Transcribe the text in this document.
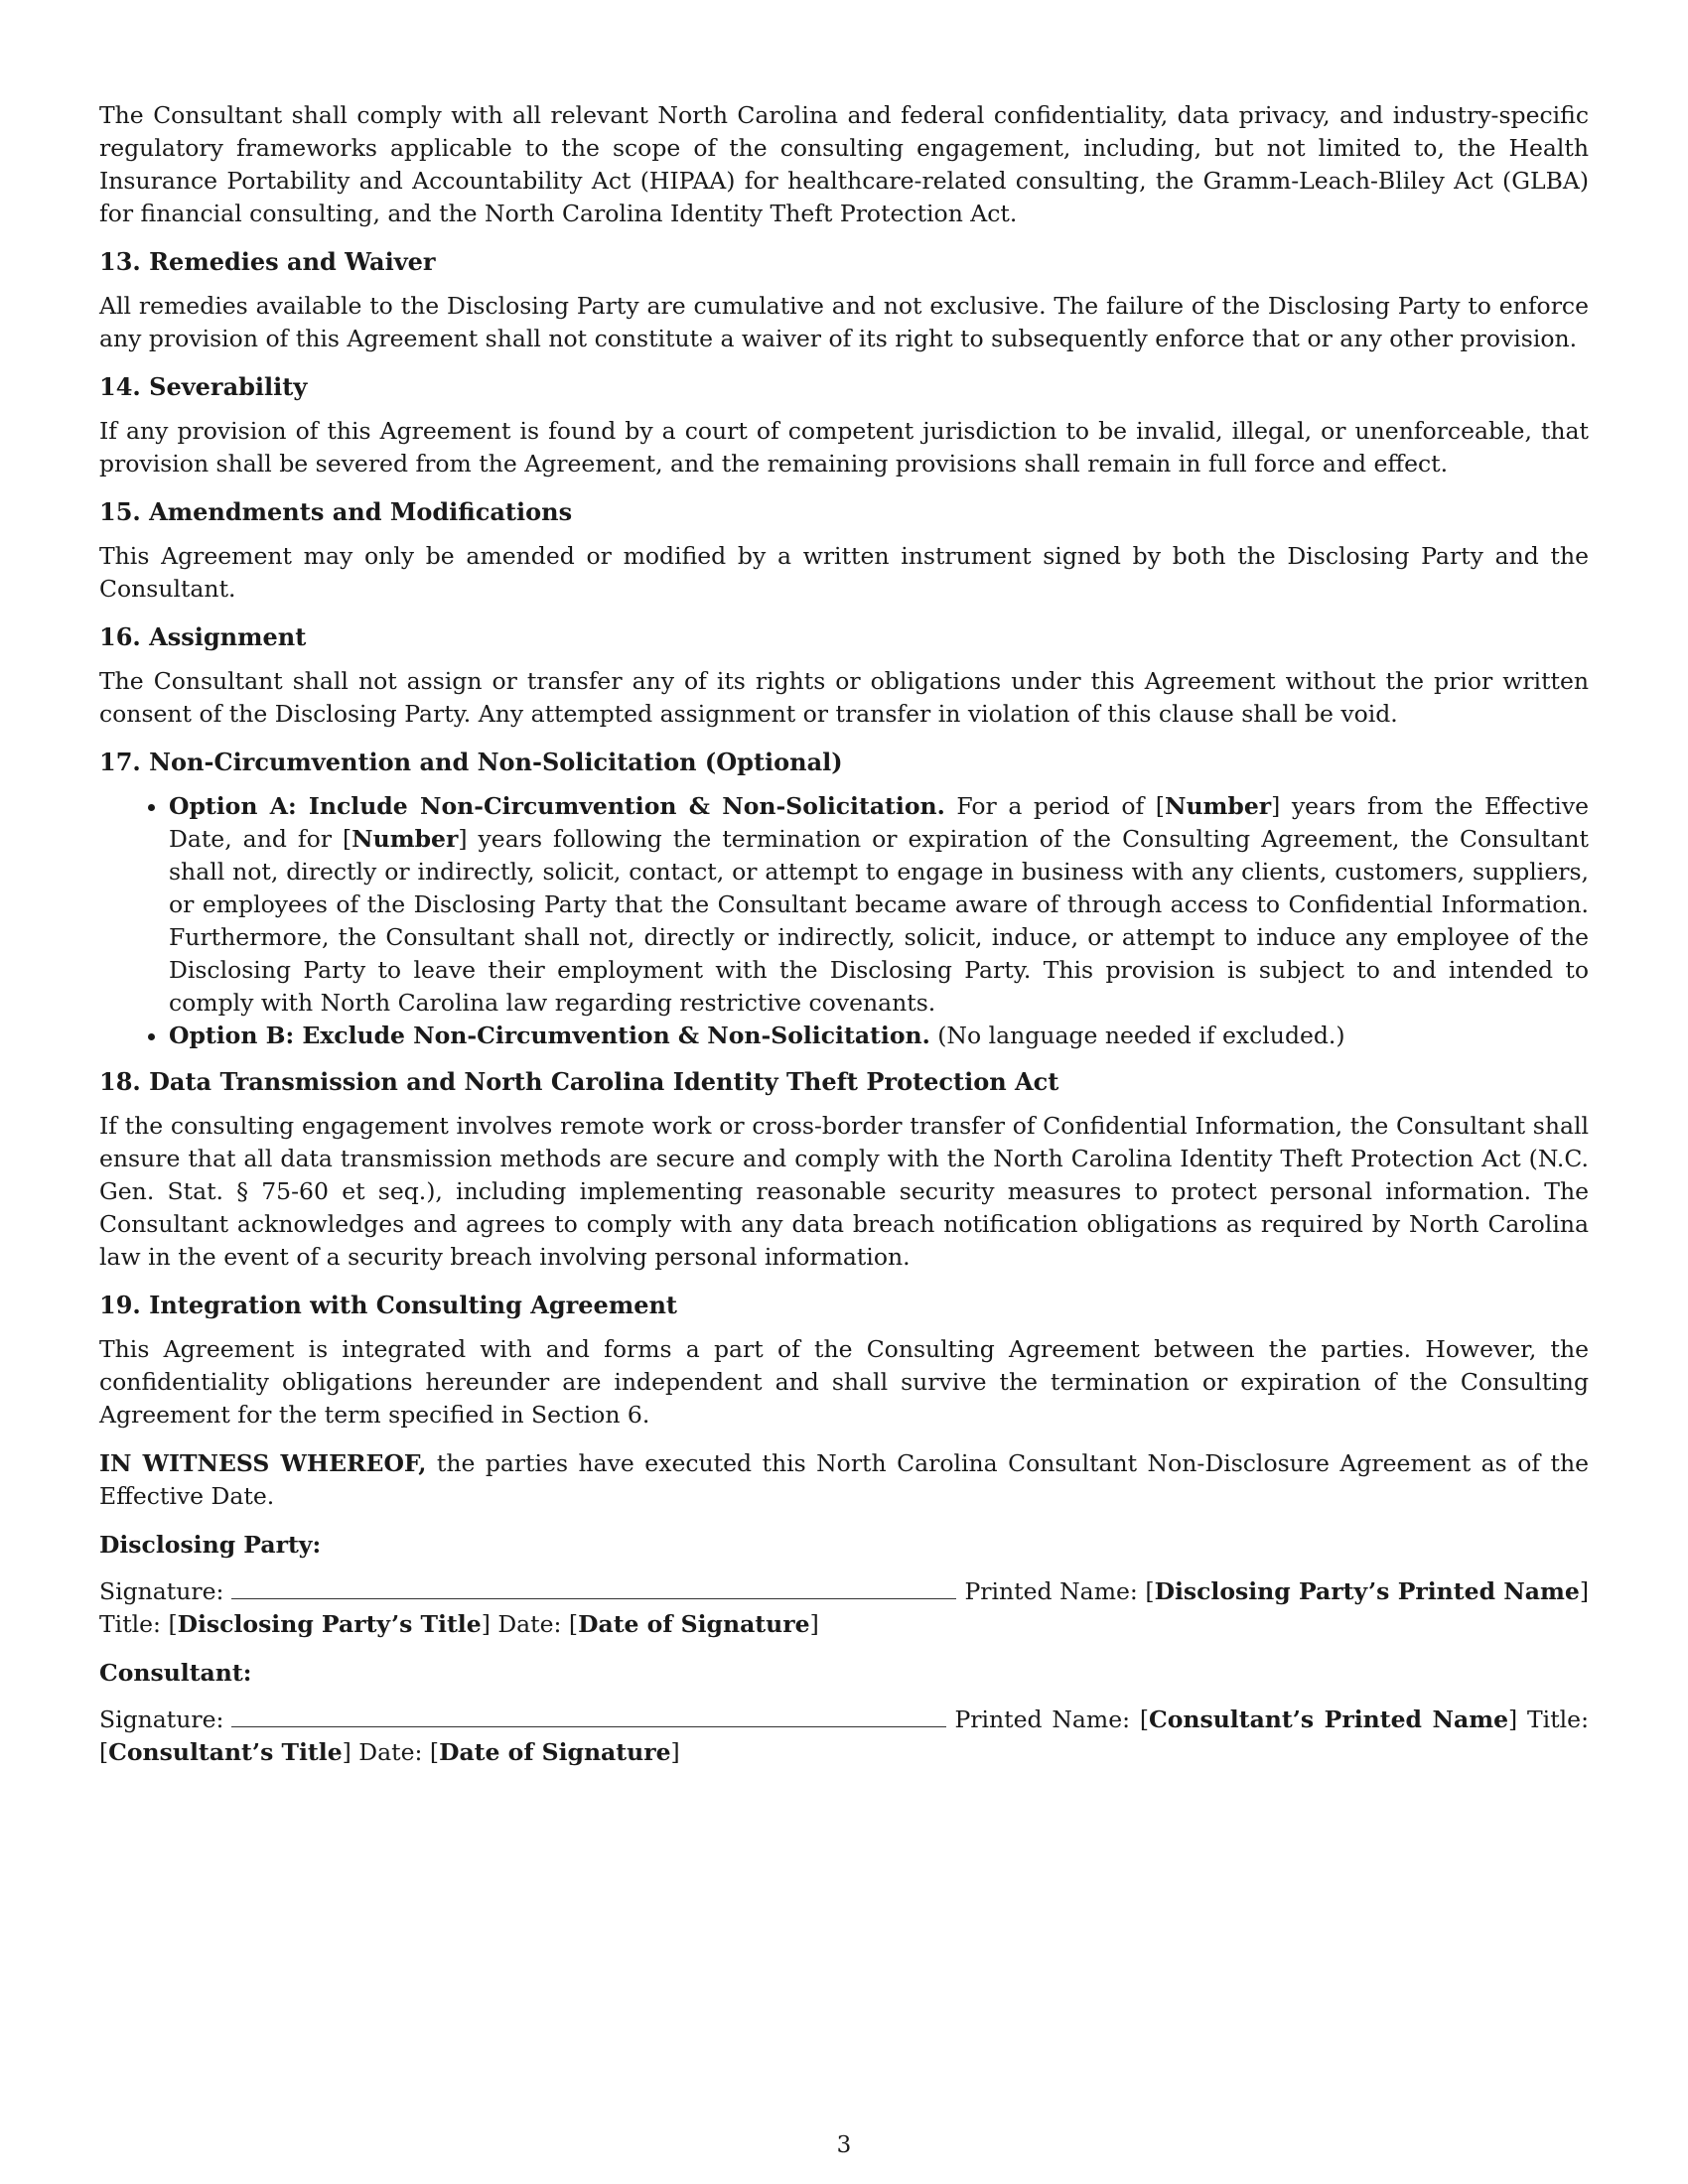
The Consultant shall comply with all relevant North Carolina and federal confidentiality, data privacy, and industry-specific regulatory frameworks applicable to the scope of the consulting engagement, including, but not limited to, the Health Insurance Portability and Accountability Act (HIPAA) for healthcare-related consulting, the Gramm-Leach-Bliley Act (GLBA) for financial consulting, and the North Carolina Identity Theft Protection Act.

13. Remedies and Waiver

All remedies available to the Disclosing Party are cumulative and not exclusive. The failure of the Disclosing Party to enforce any provision of this Agreement shall not constitute a waiver of its right to subsequently enforce that or any other provision.

14. Severability

If any provision of this Agreement is found by a court of competent jurisdiction to be invalid, illegal, or unenforceable, that provision shall be severed from the Agreement, and the remaining provisions shall remain in full force and effect.

15. Amendments and Modifications

This Agreement may only be amended or modified by a written instrument signed by both the Disclosing Party and the Consultant.

16. Assignment

The Consultant shall not assign or transfer any of its rights or obligations under this Agreement without the prior written consent of the Disclosing Party. Any attempted assignment or transfer in violation of this clause shall be void.

17. Non-Circumvention and Non-Solicitation (Optional)
• Option A: Include Non-Circumvention & Non-Solicitation. For a period of [Number] years from the Effective Date, and for [Number] years following the termination or expiration of the Consulting Agreement, the Consultant shall not, directly or indirectly, solicit, contact, or attempt to engage in business with any clients, customers, suppliers, or employees of the Disclosing Party that the Consultant became aware of through access to Confidential Information. Furthermore, the Consultant shall not, directly or indirectly, solicit, induce, or attempt to induce any employee of the Disclosing Party to leave their employment with the Disclosing Party. This provision is subject to and intended to comply with North Carolina law regarding restrictive covenants.
• Option B: Exclude Non-Circumvention & Non-Solicitation. (No language needed if excluded.)
18. Data Transmission and North Carolina Identity Theft Protection Act

If the consulting engagement involves remote work or cross-border transfer of Confidential Information, the Consultant shall ensure that all data transmission methods are secure and comply with the North Carolina Identity Theft Protection Act (N.C. Gen. Stat. § 75-60 et seq.), including implementing reasonable security measures to protect personal information. The Consultant acknowledges and agrees to comply with any data breach notification obligations as required by North Carolina law in the event of a security breach involving personal information.

19. Integration with Consulting Agreement

This Agreement is integrated with and forms a part of the Consulting Agreement between the parties. However, the confidentiality obligations hereunder are independent and shall survive the termination or expiration of the Consulting Agreement for the term specified in Section 6.

IN WITNESS WHEREOF, the parties have executed this North Carolina Consultant Non-Disclosure Agreement as of the Effective Date.

Disclosing Party:

Signature:	Printed Name: [Disclosing Party’s Printed Name] Title: [Disclosing Party’s Title] Date: [Date of Signature]

Consultant:

Signature:	Printed Name: [Consultant’s Printed Name] Title: [Consultant’s Title] Date: [Date of Signature]

3
